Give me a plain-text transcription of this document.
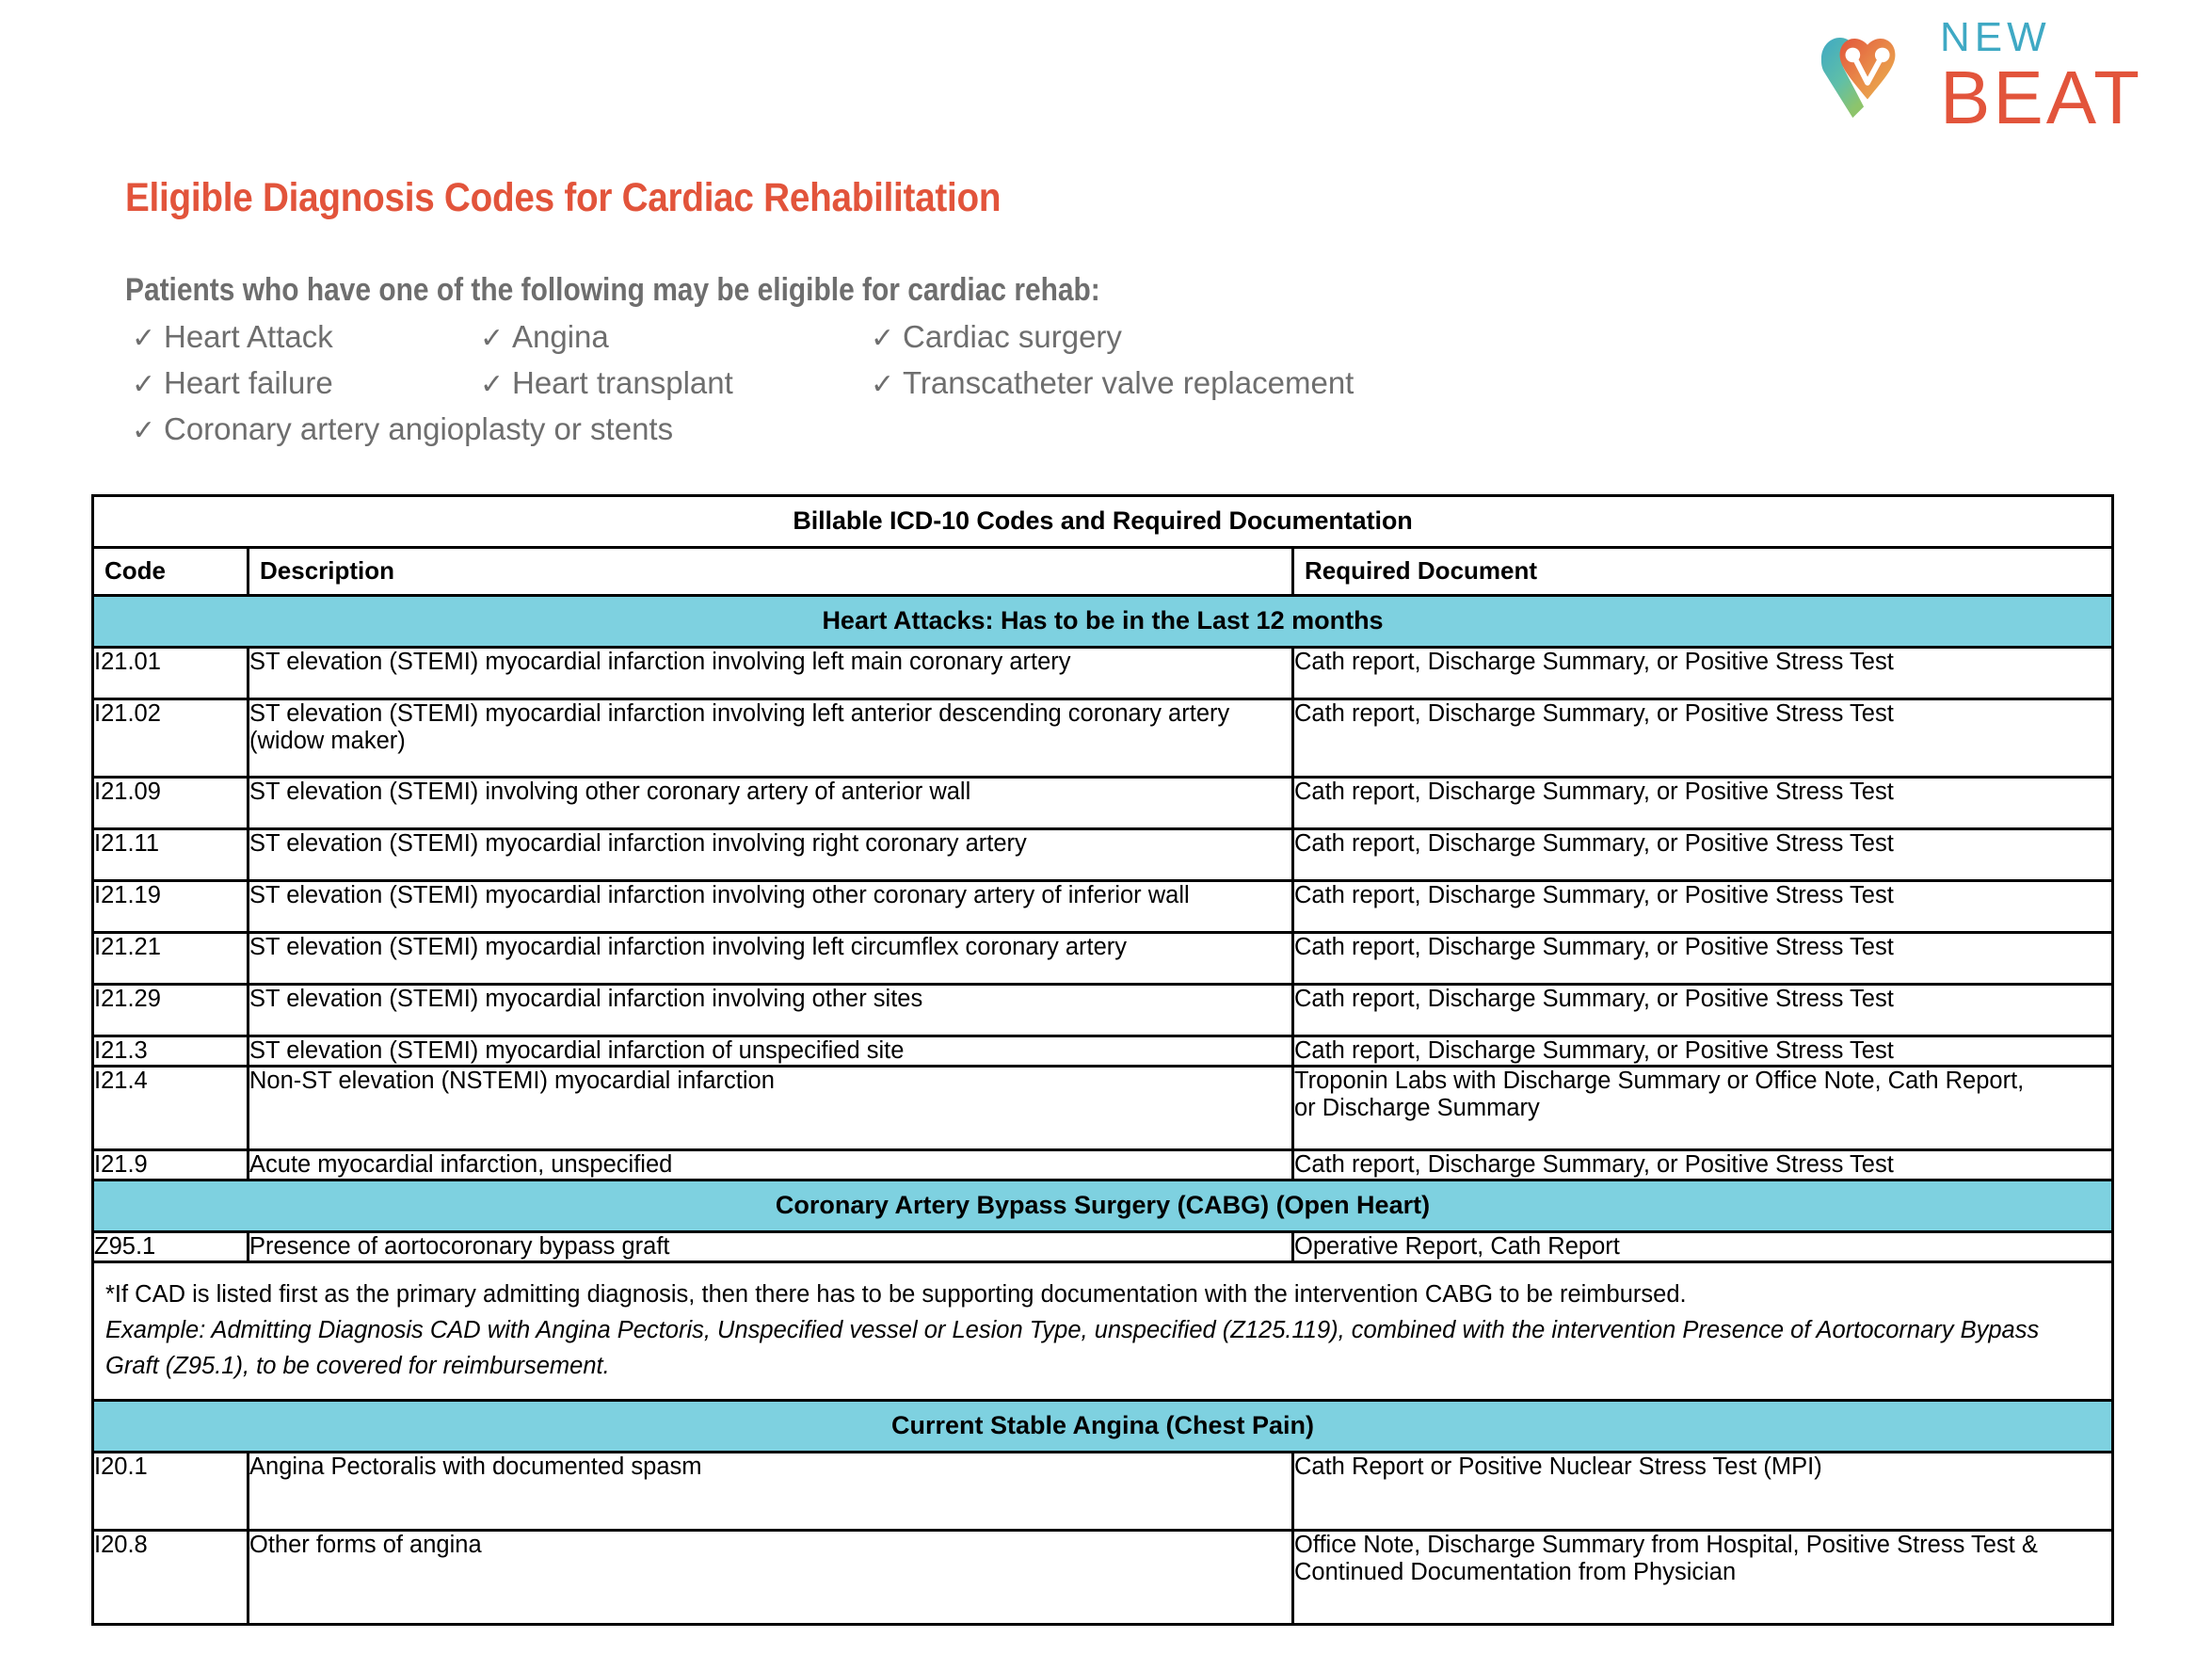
NEW
BEAT
Eligible Diagnosis Codes for Cardiac Rehabilitation
Patients who have one of the following may be eligible for cardiac rehab:
✓ Heart Attack	✓ Angina	✓ Cardiac surgery
✓ Heart failure	✓ Heart transplant	✓ Transcatheter valve replacement
✓ Coronary artery angioplasty or stents
Billable ICD-10 Codes and Required Documentation		
Code	Description	Required Document
Heart Attacks: Has to be in the Last 12 months		
I21.01	ST elevation (STEMI) myocardial infarction involving left main coronary artery	Cath report, Discharge Summary, or Positive Stress Test
I21.02	ST elevation (STEMI) myocardial infarction involving left anterior descending coronary artery (widow maker)	Cath report, Discharge Summary, or Positive Stress Test
I21.09	ST elevation (STEMI) involving other coronary artery of anterior wall	Cath report, Discharge Summary, or Positive Stress Test
I21.11	ST elevation (STEMI) myocardial infarction involving right coronary artery	Cath report, Discharge Summary, or Positive Stress Test
I21.19	ST elevation (STEMI) myocardial infarction involving other coronary artery of inferior wall	Cath report, Discharge Summary, or Positive Stress Test
I21.21	ST elevation (STEMI) myocardial infarction involving left circumflex coronary artery	Cath report, Discharge Summary, or Positive Stress Test
I21.29	ST elevation (STEMI) myocardial infarction involving other sites	Cath report, Discharge Summary, or Positive Stress Test
I21.3	ST elevation (STEMI) myocardial infarction of unspecified site	Cath report, Discharge Summary, or Positive Stress Test
I21.4	Non-ST elevation (NSTEMI) myocardial infarction	Troponin Labs with Discharge Summary or Office Note, Cath Report,
or Discharge Summary

I21.9	Acute myocardial infarction, unspecified	Cath report, Discharge Summary, or Positive Stress Test
Coronary Artery Bypass Surgery (CABG) (Open Heart)		
Z95.1	Presence of aortocoronary bypass graft	Operative Report, Cath Report

*If CAD is listed first as the primary admitting diagnosis, then there has to be supporting documentation with the intervention CABG to be reimbursed.
Example: Admitting Diagnosis CAD with Angina Pectoris, Unspecified vessel or Lesion Type, unspecified (Z125.119), combined with the intervention Presence of Aortocornary Bypass Graft (Z95.1), to be covered for reimbursement.		

Current Stable Angina (Chest Pain)		
I20.1	Angina Pectoralis with documented spasm	Cath Report or Positive Nuclear Stress Test (MPI)
I20.8	Other forms of angina	Office Note, Discharge Summary from Hospital, Positive Stress Test &
Continued Documentation from Physician
